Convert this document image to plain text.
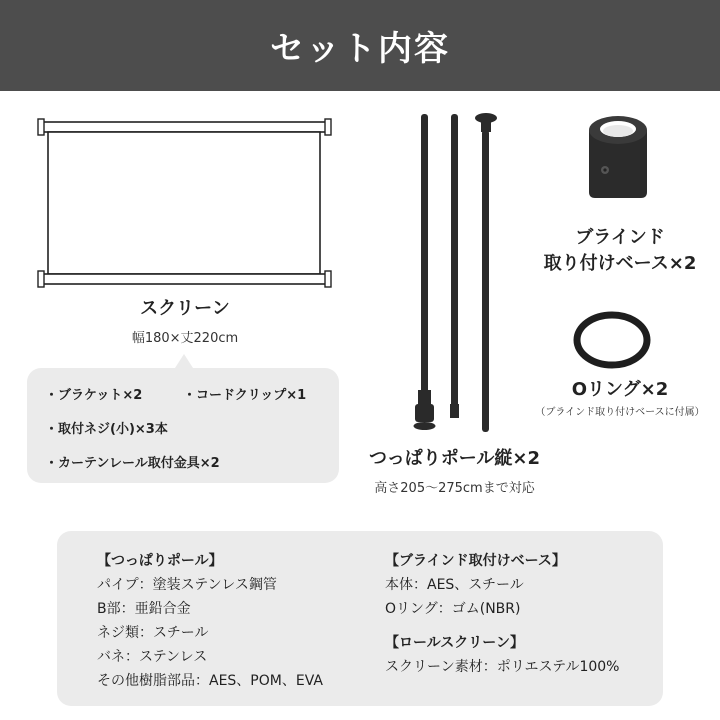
セット内容
スクリーン
幅180×丈220cm
・ブラケット×2	・コードクリップ×1
・取付ネジ(小)×3本
・カーテンレール取付金具×2	つっぱりポール縦×2
高さ205〜275cmまで対応
ブラインド
取り付けベース×2
Oリング×2
（ブラインド取り付けベースに付属）
【つっぱりポール】
パイプ：塗装ステンレス鋼管
B部：亜鉛合金
ネジ類：スチール
バネ：ステンレス
その他樹脂部品：AES、POM、EVA
【ブラインド取付けベース】
本体：AES、スチール
Oリング：ゴム(NBR)
【ロールスクリーン】
スクリーン素材：ポリエステル100%
